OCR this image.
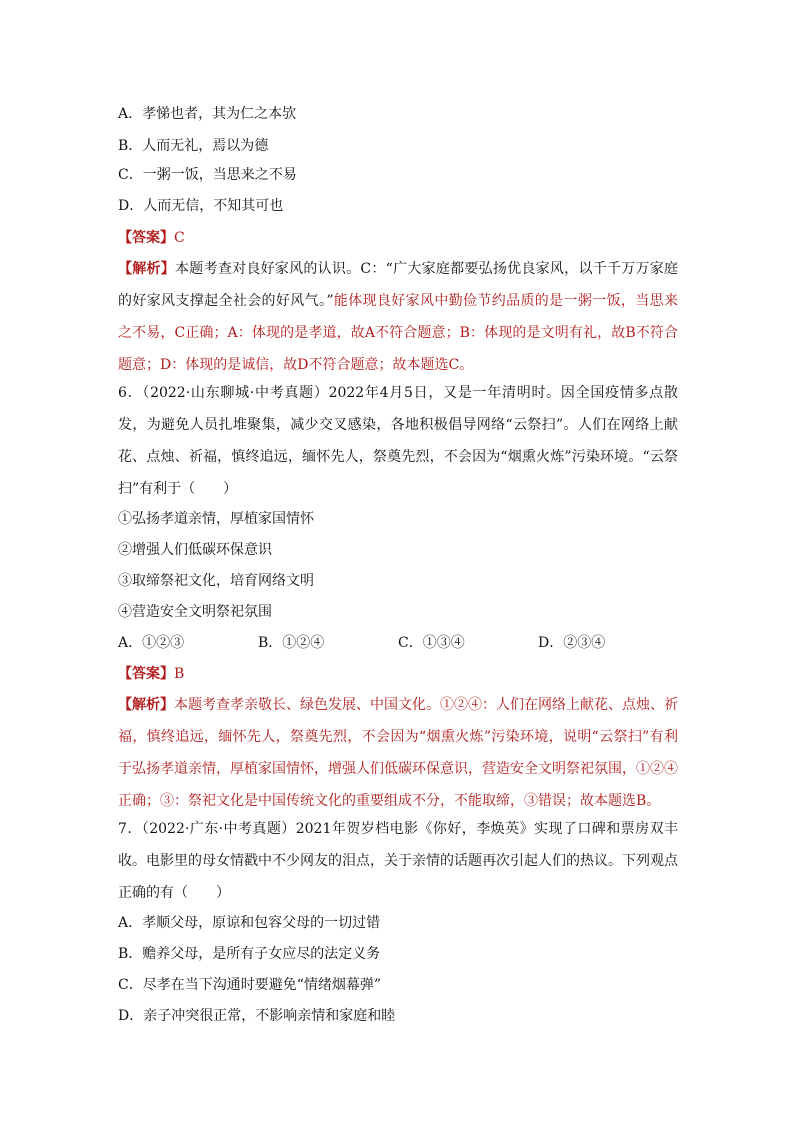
A．孝悌也者，其为仁之本欤
B．人而无礼，焉以为德
C．一粥一饭，当思来之不易
D．人而无信，不知其可也
【答案】C
【解析】本题考查对良好家风的认识。C：“广大家庭都要弘扬优良家风，以千千万万家庭的好家风支撑起全社会的好风气。”能体现良好家风中勤俭节约品质的是一粥一饭，当思来之不易，C正确；A：体现的是孝道，故A不符合题意；B：体现的是文明有礼，故B不符合题意；D：体现的是诚信，故D不符合题意；故本题选C。
6．（2022·山东聊城·中考真题）2022年4月5日，又是一年清明时。因全国疫情多点散发，为避免人员扎堆聚集，减少交叉感染，各地积极倡导网络“云祭扫”。人们在网络上献花、点烛、祈福，慎终追远，缅怀先人，祭奠先烈，不会因为“烟熏火炼”污染环境。“云祭扫”有利于（　　）
①弘扬孝道亲情，厚植家国情怀
②增强人们低碳环保意识
③取缔祭祀文化，培育网络文明
④营造安全文明祭祀氛围
A．①②③	B．①②④	C．①③④	D．②③④
【答案】B
【解析】本题考查孝亲敬长、绿色发展、中国文化。①②④：人们在网络上献花、点烛、祈福，慎终追远，缅怀先人，祭奠先烈，不会因为“烟熏火炼”污染环境，说明“云祭扫”有利于弘扬孝道亲情，厚植家国情怀，增强人们低碳环保意识，营造安全文明祭祀氛围，①②④正确；③：祭祀文化是中国传统文化的重要组成不分，不能取缔，③错误；故本题选B。
7．（2022·广东·中考真题）2021年贺岁档电影《你好，李焕英》实现了口碑和票房双丰收。电影里的母女情戳中不少网友的泪点，关于亲情的话题再次引起人们的热议。下列观点正确的有（　　）
A．孝顺父母，原谅和包容父母的一切过错
B．赡养父母，是所有子女应尽的法定义务
C．尽孝在当下沟通时要避免“情绪烟幕弹”
D．亲子冲突很正常，不影响亲情和家庭和睦
